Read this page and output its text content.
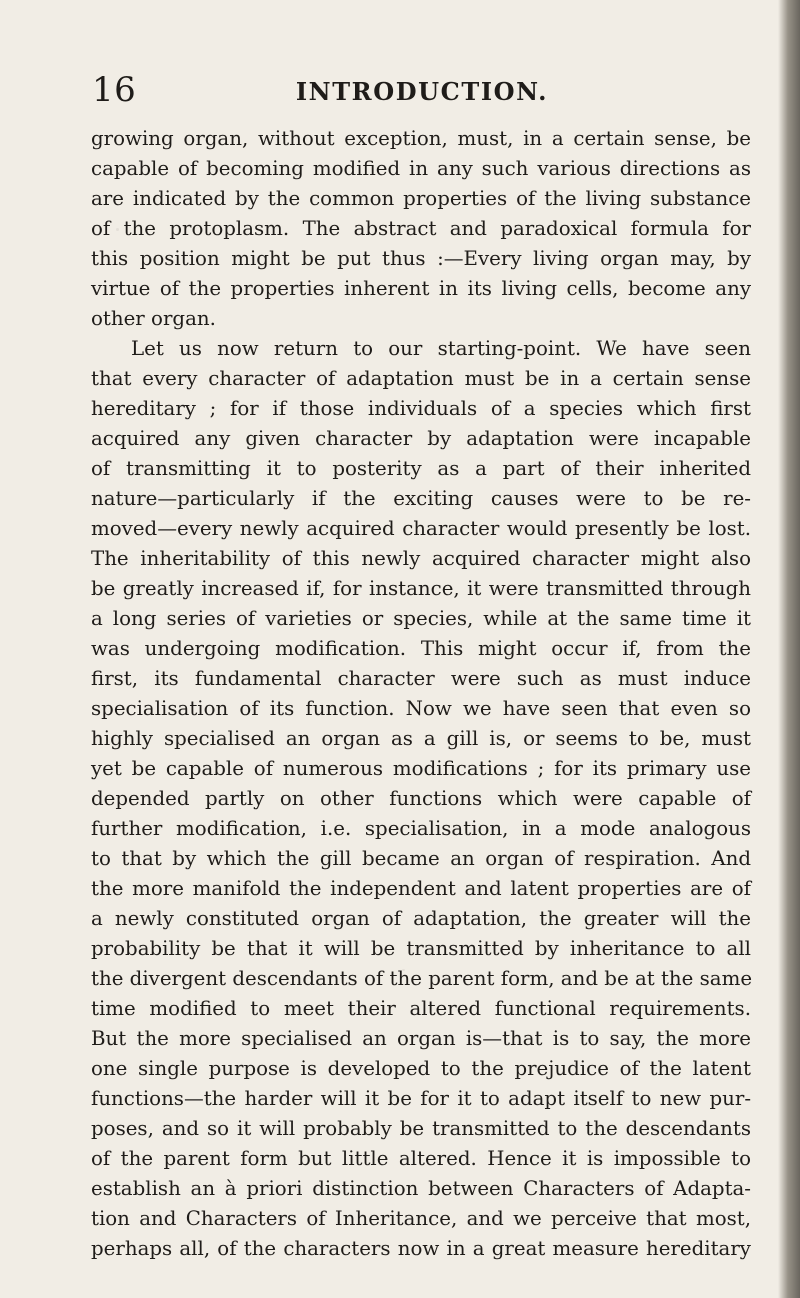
16	INTRODUCTION.
growing organ, without exception, must, in a certain sense, be
capable of becoming modified in any such various directions as
are indicated by the common properties of the living substance
of the protoplasm. The abstract and paradoxical formula for
this position might be put thus :—Every living organ may, by
virtue of the properties inherent in its living cells, become any
other organ.
Let us now return to our starting-point. We have seen
that every character of adaptation must be in a certain sense
hereditary ; for if those individuals of a species which first
acquired any given character by adaptation were incapable
of transmitting it to posterity as a part of their inherited
nature—particularly if the exciting causes were to be re-
moved—every newly acquired character would presently be lost.
The inheritability of this newly acquired character might also
be greatly increased if, for instance, it were transmitted through
a long series of varieties or species, while at the same time it
was undergoing modification. This might occur if, from the
first, its fundamental character were such as must induce
specialisation of its function. Now we have seen that even so
highly specialised an organ as a gill is, or seems to be, must
yet be capable of numerous modifications ; for its primary use
depended partly on other functions which were capable of
further modification, i.e. specialisation, in a mode analogous
to that by which the gill became an organ of respiration. And
the more manifold the independent and latent properties are of
a newly constituted organ of adaptation, the greater will the
probability be that it will be transmitted by inheritance to all
the divergent descendants of the parent form, and be at the same
time modified to meet their altered functional requirements.
But the more specialised an organ is—that is to say, the more
one single purpose is developed to the prejudice of the latent
functions—the harder will it be for it to adapt itself to new pur-
poses, and so it will probably be transmitted to the descendants
of the parent form but little altered. Hence it is impossible to
establish an à priori distinction between Characters of Adapta-
tion and Characters of Inheritance, and we perceive that most,
perhaps all, of the characters now in a great measure hereditary
